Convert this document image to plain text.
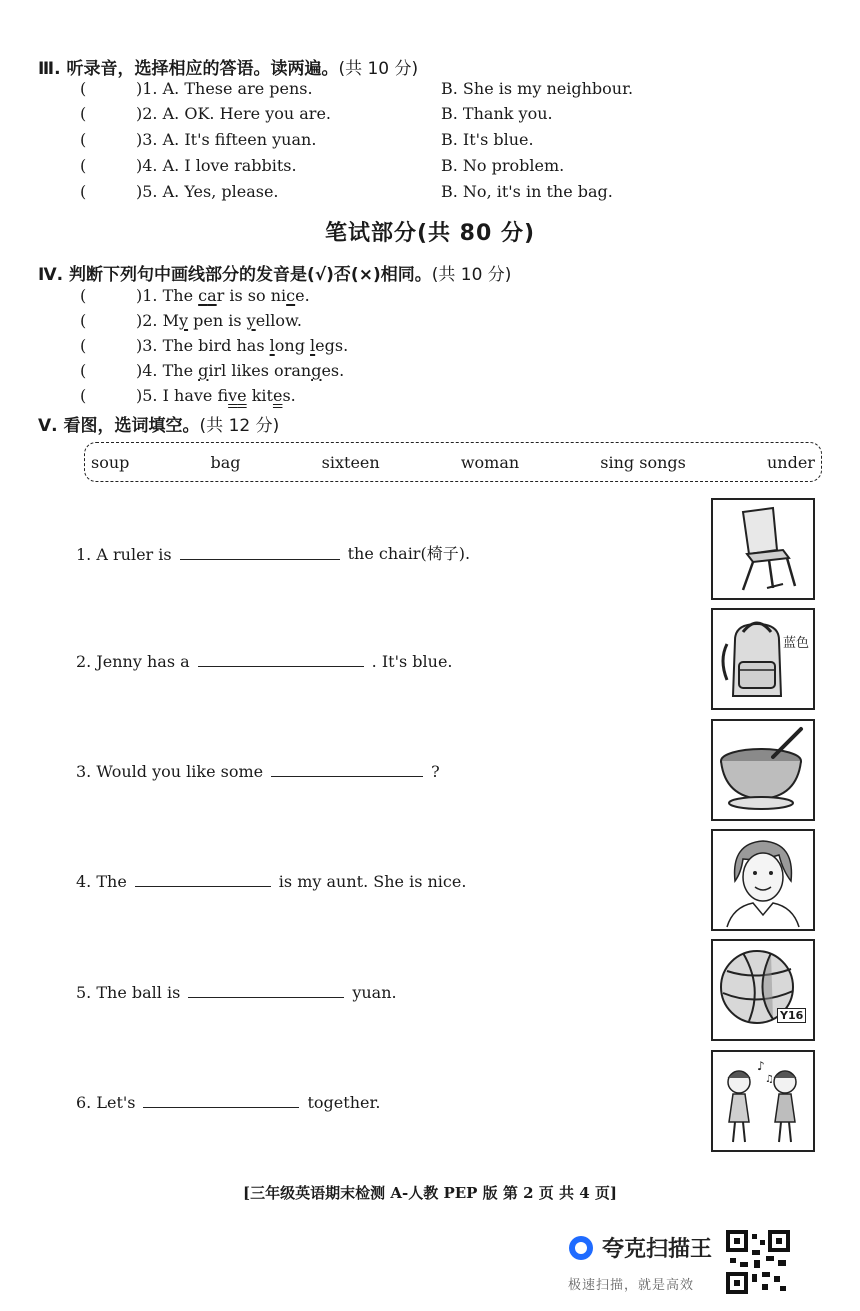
Ⅲ. 听录音，选择相应的答语。读两遍。(共 10 分)
(	)1. A. These are pens.	B. She is my neighbour.
(	)2. A. OK. Here you are.	B. Thank you.
(	)3. A. It's fifteen yuan.	B. It's blue.
(	)4. A. I love rabbits.	B. No problem.
(	)5. A. Yes, please.	B. No, it's in the bag.
笔试部分(共 80 分)
Ⅳ. 判断下列句中画线部分的发音是(√)否(×)相同。(共 10 分)
(	)1. The car is so nice.
(	)2. My pen is yellow.
(	)3. The bird has long legs.
(	)4. The girl likes oranges.
(	)5. I have five kites.
Ⅴ. 看图，选词填空。(共 12 分)
soup	bag	sixteen	woman	sing songs	under
1. A ruler is	the chair(椅子).
2. Jenny has a	. It's blue.
3. Would you like some	?
4. The	is my aunt. She is nice.
5. The ball is	yuan.
6. Let's	together.
蓝色
Y16
♪
♫
[三年级英语期末检测 A-人教 PEP 版 第 2 页 共 4 页]
夸克扫描王
极速扫描，就是高效
